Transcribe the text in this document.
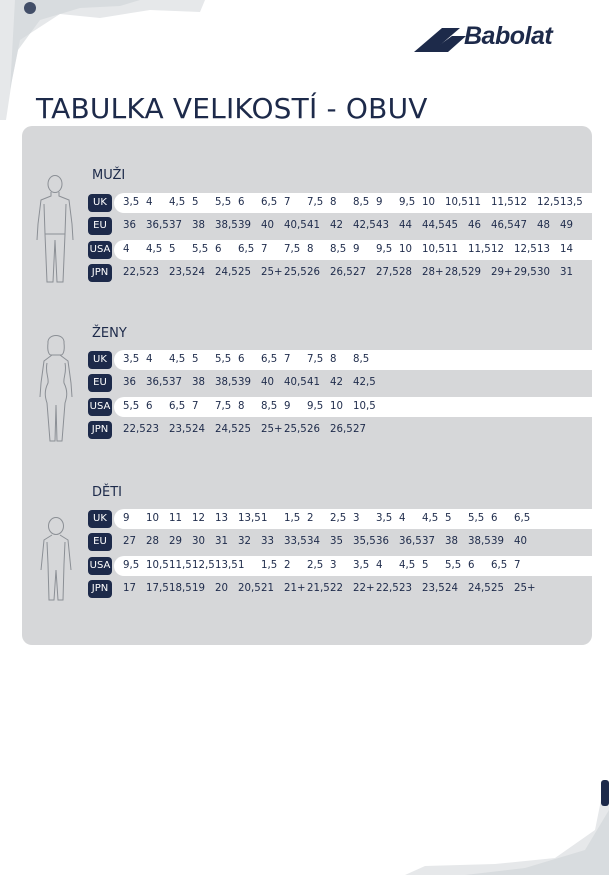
Babolat
TABULKA VELIKOSTÍ - OBUV
MUŽI
ŽENY
DĚTI
UK	3,5 4 4,5 5 5,5 6 6,5 7 7,5 8 8,5 9 9,5 10 10,5 11 11,5 12 12,5 13,5
EU	36 36,5 37 38 38,5 39 40 40,5 41 42 42,5 43 44 44,5 45 46 46,5 47 48 49
USA 4 4,5 5 5,5 6 6,5 7 7,5 8 8,5 9 9,5 10 10,5 11 11,5 12 12,5 13 14
JPN	22,5 23 23,5 24 24,5 25 25+ 25,5 26 26,5 27 27,5 28 28+ 28,5 29 29+ 29,5 30 31
UK	3,5 4 4,5 5 5,5 6 6,5 7 7,5 8 8,5
EU	36 36,5 37 38 38,5 39 40 40,5 41 42 42,5
USA 5,5 6 6,5 7 7,5 8 8,5 9 9,5 10 10,5
JPN	22,5 23 23,5 24 24,5 25 25+ 25,5 26 26,5 27
UK	9 10 11 12 13 13,5 1 1,5 2 2,5 3 3,5 4 4,5 5 5,5 6 6,5
EU	27 28 29 30 31 32 33 33,5 34 35 35,5 36 36,5 37 38 38,5 39 40
USA 9,5 10,5 11,5 12,5 13,5 1 1,5 2 2,5 3 3,5 4 4,5 5 5,5 6 6,5 7
JPN	17 17,5 18,5 19 20 20,5 21 21+ 21,5 22 22+ 22,5 23 23,5 24 24,5 25 25+
